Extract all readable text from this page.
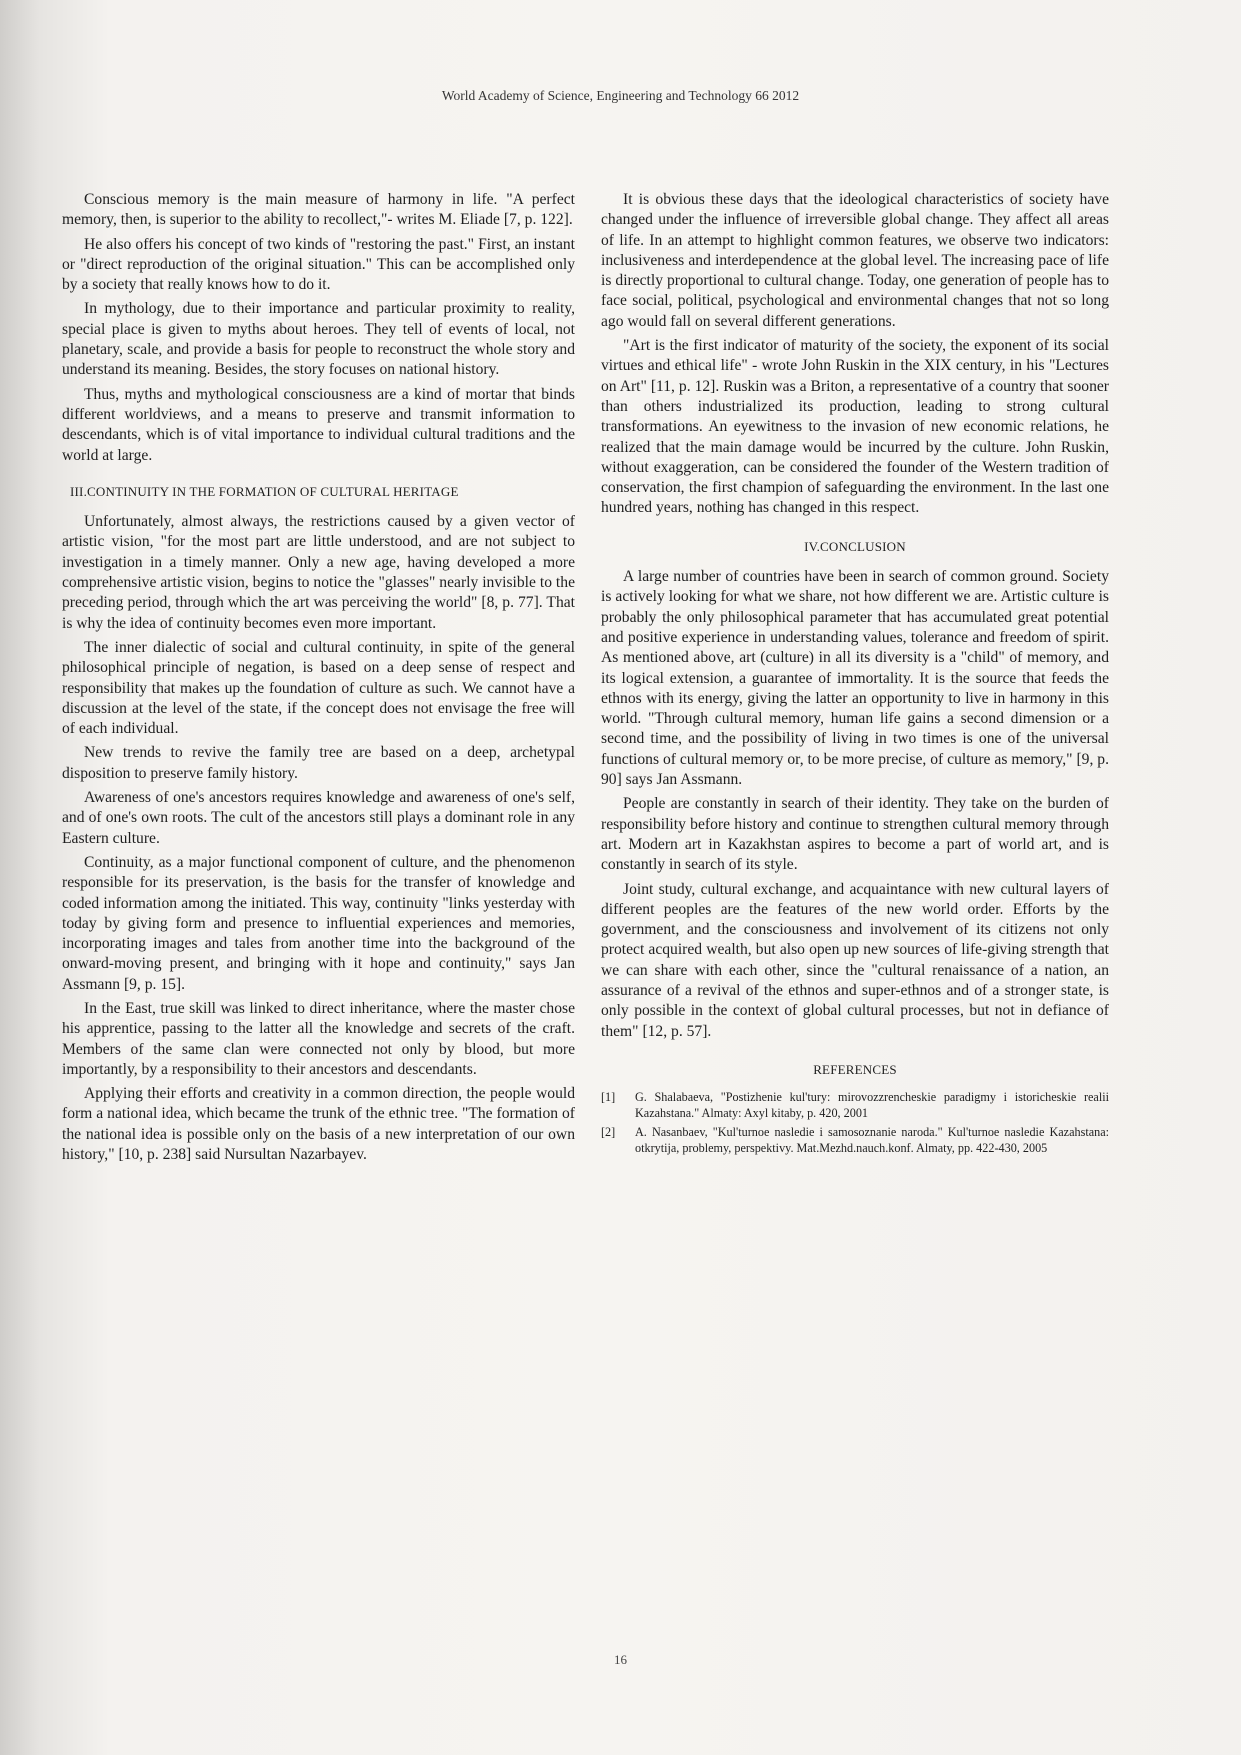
World Academy of Science, Engineering and Technology 66 2012

Conscious memory is the main measure of harmony in life. "A perfect memory, then, is superior to the ability to recollect,"- writes M. Eliade [7, p. 122].

He also offers his concept of two kinds of "restoring the past." First, an instant or "direct reproduction of the original situation." This can be accomplished only by a society that really knows how to do it.

In mythology, due to their importance and particular proximity to reality, special place is given to myths about heroes. They tell of events of local, not planetary, scale, and provide a basis for people to reconstruct the whole story and understand its meaning. Besides, the story focuses on national history.

Thus, myths and mythological consciousness are a kind of mortar that binds different worldviews, and a means to preserve and transmit information to descendants, which is of vital importance to individual cultural traditions and the world at large.

III.CONTINUITY IN THE FORMATION OF CULTURAL HERITAGE

Unfortunately, almost always, the restrictions caused by a given vector of artistic vision, "for the most part are little understood, and are not subject to investigation in a timely manner. Only a new age, having developed a more comprehensive artistic vision, begins to notice the "glasses" nearly invisible to the preceding period, through which the art was perceiving the world" [8, p. 77]. That is why the idea of continuity becomes even more important.

The inner dialectic of social and cultural continuity, in spite of the general philosophical principle of negation, is based on a deep sense of respect and responsibility that makes up the foundation of culture as such. We cannot have a discussion at the level of the state, if the concept does not envisage the free will of each individual.

New trends to revive the family tree are based on a deep, archetypal disposition to preserve family history.

Awareness of one's ancestors requires knowledge and awareness of one's self, and of one's own roots. The cult of the ancestors still plays a dominant role in any Eastern culture.

Continuity, as a major functional component of culture, and the phenomenon responsible for its preservation, is the basis for the transfer of knowledge and coded information among the initiated. This way, continuity "links yesterday with today by giving form and presence to influential experiences and memories, incorporating images and tales from another time into the background of the onward-moving present, and bringing with it hope and continuity," says Jan Assmann [9, p. 15].

In the East, true skill was linked to direct inheritance, where the master chose his apprentice, passing to the latter all the knowledge and secrets of the craft. Members of the same clan were connected not only by blood, but more importantly, by a responsibility to their ancestors and descendants.

Applying their efforts and creativity in a common direction, the people would form a national idea, which became the trunk of the ethnic tree. "The formation of the national idea is possible only on the basis of a new interpretation of our own history," [10, p. 238] said Nursultan Nazarbayev.

It is obvious these days that the ideological characteristics of society have changed under the influence of irreversible global change. They affect all areas of life. In an attempt to highlight common features, we observe two indicators: inclusiveness and interdependence at the global level. The increasing pace of life is directly proportional to cultural change. Today, one generation of people has to face social, political, psychological and environmental changes that not so long ago would fall on several different generations.

"Art is the first indicator of maturity of the society, the exponent of its social virtues and ethical life" - wrote John Ruskin in the XIX century, in his "Lectures on Art" [11, p. 12]. Ruskin was a Briton, a representative of a country that sooner than others industrialized its production, leading to strong cultural transformations. An eyewitness to the invasion of new economic relations, he realized that the main damage would be incurred by the culture. John Ruskin, without exaggeration, can be considered the founder of the Western tradition of conservation, the first champion of safeguarding the environment. In the last one hundred years, nothing has changed in this respect.

IV.CONCLUSION

A large number of countries have been in search of common ground. Society is actively looking for what we share, not how different we are. Artistic culture is probably the only philosophical parameter that has accumulated great potential and positive experience in understanding values, tolerance and freedom of spirit. As mentioned above, art (culture) in all its diversity is a "child" of memory, and its logical extension, a guarantee of immortality. It is the source that feeds the ethnos with its energy, giving the latter an opportunity to live in harmony in this world. "Through cultural memory, human life gains a second dimension or a second time, and the possibility of living in two times is one of the universal functions of cultural memory or, to be more precise, of culture as memory," [9, p. 90] says Jan Assmann.

People are constantly in search of their identity. They take on the burden of responsibility before history and continue to strengthen cultural memory through art. Modern art in Kazakhstan aspires to become a part of world art, and is constantly in search of its style.

Joint study, cultural exchange, and acquaintance with new cultural layers of different peoples are the features of the new world order. Efforts by the government, and the consciousness and involvement of its citizens not only protect acquired wealth, but also open up new sources of life-giving strength that we can share with each other, since the "cultural renaissance of a nation, an assurance of a revival of the ethnos and super-ethnos and of a stronger state, is only possible in the context of global cultural processes, but not in defiance of them" [12, p. 57].

REFERENCES
[1]	G. Shalabaeva, "Postizhenie kul'tury: mirovozzrencheskie paradigmy i istoricheskie realii Kazahstana." Almaty: Axyl kitaby, p. 420, 2001
[2]	A. Nasanbaev, "Kul'turnoe nasledie i samosoznanie naroda." Kul'turnoe nasledie Kazahstana: otkrytija, problemy, perspektivy. Mat.Mezhd.nauch.konf. Almaty, pp. 422-430, 2005
16
